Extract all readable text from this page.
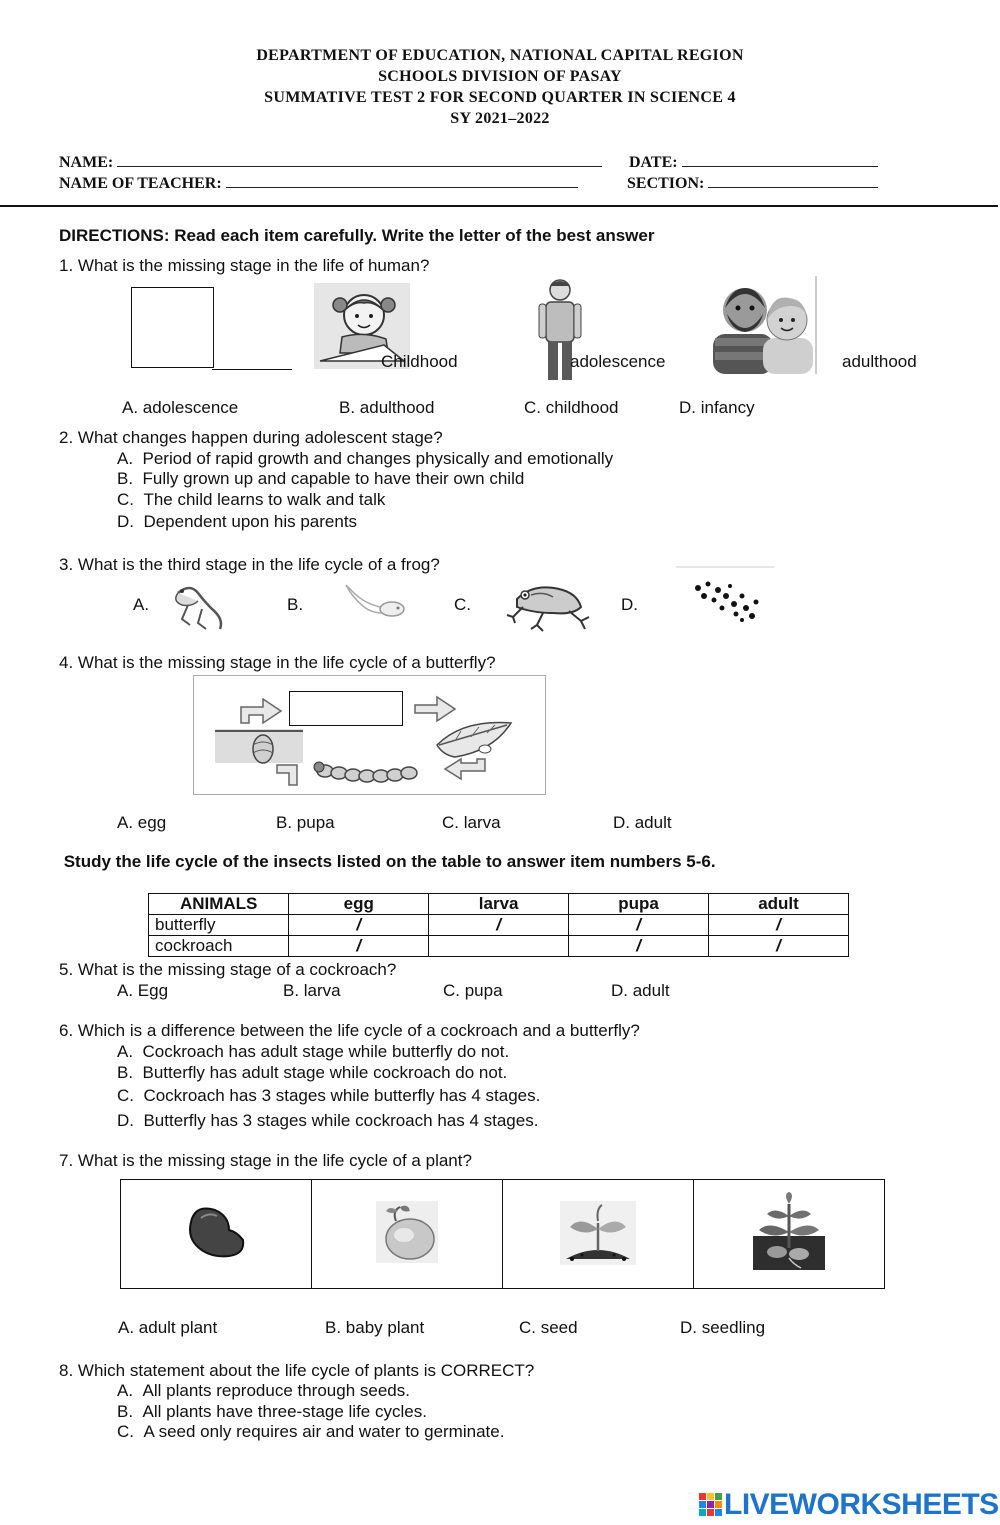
DEPARTMENT OF EDUCATION, NATIONAL CAPITAL REGION
SCHOOLS DIVISION OF PASAY
SUMMATIVE TEST 2 FOR SECOND QUARTER IN SCIENCE 4
SY 2021–2022
NAME:	DATE:
NAME OF TEACHER:	SECTION:
DIRECTIONS: Read each item carefully. Write the letter of the best answer
1. What is the missing stage in the life of human?
Childhood	adolescence	adulthood
A. adolescence	B. adulthood	C. childhood	D. infancy
2. What changes happen during adolescent stage?
A. Period of rapid growth and changes physically and emotionally
B. Fully grown up and capable to have their own child
C. The child learns to walk and talk
D. Dependent upon his parents
3. What is the third stage in the life cycle of a frog?
A.	B.	C.	D.
4. What is the missing stage in the life cycle of a butterfly?
A. egg	B. pupa	C. larva	D. adult
Study the life cycle of the insects listed on the table to answer item numbers 5-6.
ANIMALS	egg	larva	pupa	adult
butterfly	/	/	/	/
cockroach	/		/	/
5. What is the missing stage of a cockroach?
A. Egg	B. larva	C. pupa	D. adult
6. Which is a difference between the life cycle of a cockroach and a butterfly?
A. Cockroach has adult stage while butterfly do not.
B. Butterfly has adult stage while cockroach do not.
C. Cockroach has 3 stages while butterfly has 4 stages.
D. Butterfly has 3 stages while cockroach has 4 stages.
7. What is the missing stage in the life cycle of a plant?

A. adult plant	B. baby plant	C. seed	D. seedling
8. Which statement about the life cycle of plants is CORRECT?
A. All plants reproduce through seeds.
B. All plants have three-stage life cycles.
C. A seed only requires air and water to germinate.
LIVEWORKSHEETS
